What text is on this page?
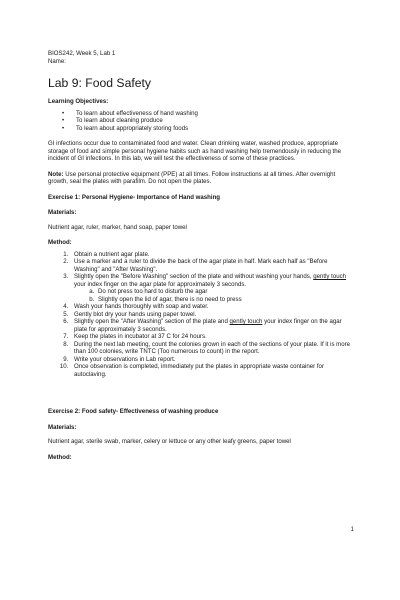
BIOS242, Week 5, Lab 1
Name:
Lab 9: Food Safety
Learning Objectives:
• To learn about effectiveness of hand washing
• To learn about cleaning produce
• To learn about appropriately storing foods

GI infections occur due to contaminated food and water. Clean drinking water, washed produce, appropriate storage of food and simple personal hygiene habits such as hand washing help tremendously in reducing the incident of GI infections. In this lab, we will test the effectiveness of some of these practices.

Note: Use personal protective equipment (PPE) at all times. Follow instructions at all times. After overnight growth, seal the plates with parafilm. Do not open the plates.

Exercise 1: Personal Hygiene- Importance of Hand washing
Materials:

Nutrient agar, ruler, marker, hand soap, paper towel

Method:
1. Obtain a nutrient agar plate.
2. Use a marker and a ruler to divide the back of the agar plate in half. Mark each half as "Before Washing" and "After Washing".
3. Slightly open the "Before Washing" section of the plate and without washing your hands, gently touch your index finger on the agar plate for approximately 3 seconds.
a. Do not press too hard to disturb the agar
b. Slightly open the lid of agar, there is no need to press
4. Wash your hands thoroughly with soap and water.
5. Gently blot dry your hands using paper towel.
6. Slightly open the "After Washing" section of the plate and gently touch your index finger on the agar plate for approximately 3 seconds.
7. Keep the plates in incubator at 37 C for 24 hours.
8. During the next lab meeting, count the colonies grown in each of the sections of your plate. If it is more than 100 colonies, write TNTC (Too numerous to count) in the report.
9. Write your observations in Lab report.
10. Once observation is completed, immediately put the plates in appropriate waste container for autoclaving.
Exercise 2: Food safety- Effectiveness of washing produce
Materials:

Nutrient agar, sterile swab, marker, celery or lettuce or any other leafy greens, paper towel

Method:
1
